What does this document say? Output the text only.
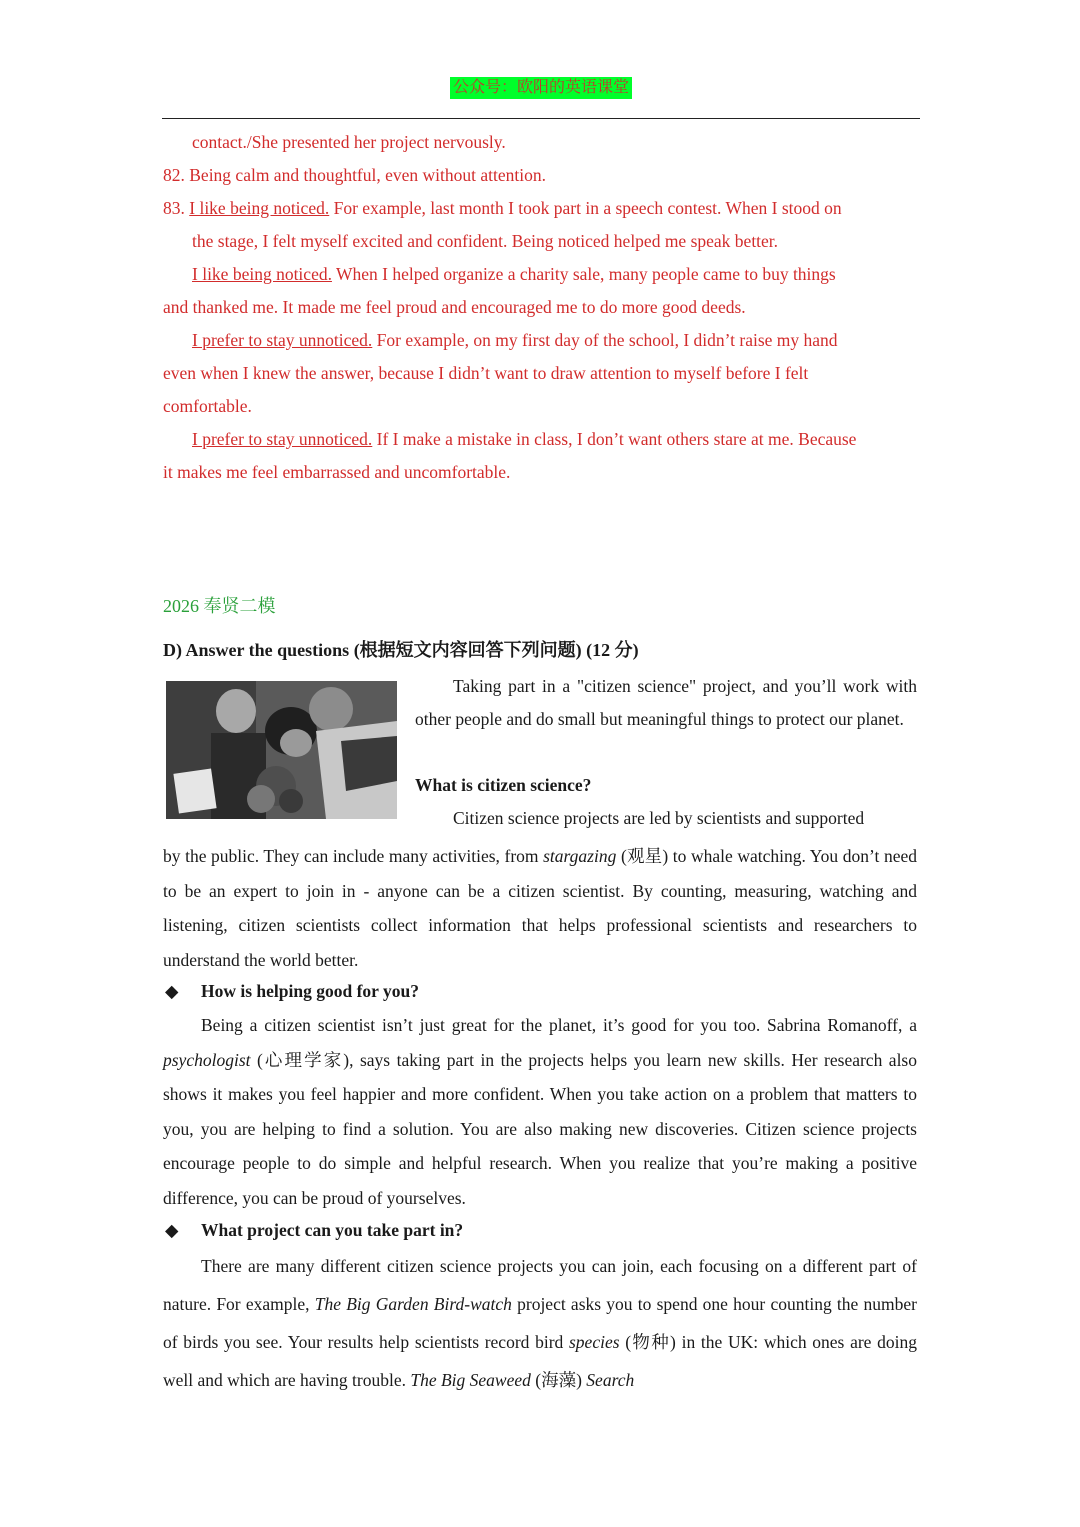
公众号：欧阳的英语课堂

contact./She presented her project nervously.

82. Being calm and thoughtful, even without attention.

83. I like being noticed. For example, last month I took part in a speech contest. When I stood on

the stage, I felt myself excited and confident. Being noticed helped me speak better.

I like being noticed. When I helped organize a charity sale, many people came to buy things

and thanked me. It made me feel proud and encouraged me to do more good deeds.

I prefer to stay unnoticed. For example, on my first day of the school, I didn’t raise my hand

even when I knew the answer, because I didn’t want to draw attention to myself before I felt

comfortable.

I prefer to stay unnoticed. If I make a mistake in class, I don’t want others stare at me. Because

it makes me feel embarrassed and uncomfortable.

2026 奉贤二模
D) Answer the questions (根据短文内容回答下列问题) (12 分)

Taking part in a "citizen science" project, and you’ll work with other people and do small but meaningful things to protect our planet.

What is citizen science?

Citizen science projects are led by scientists and supported

by the public. They can include many activities, from stargazing (观星) to whale watching. You don’t need to be an expert to join in - anyone can be a citizen scientist. By counting, measuring, watching and listening, citizen scientists collect information that helps professional scientists and researchers to understand the world better.

◆ How is helping good for you?

Being a citizen scientist isn’t just great for the planet, it’s good for you too. Sabrina Romanoff, a psychologist (心理学家), says taking part in the projects helps you learn new skills. Her research also shows it makes you feel happier and more confident. When you take action on a problem that matters to you, you are helping to find a solution. You are also making new discoveries. Citizen science projects encourage people to do simple and helpful research. When you realize that you’re making a positive difference, you can be proud of yourselves.

◆ What project can you take part in?

There are many different citizen science projects you can join, each focusing on a different part of nature. For example, The Big Garden Bird-watch project asks you to spend one hour counting the number of birds you see. Your results help scientists record bird species (物种) in the UK: which ones are doing well and which are having trouble. The Big Seaweed (海藻) Search
